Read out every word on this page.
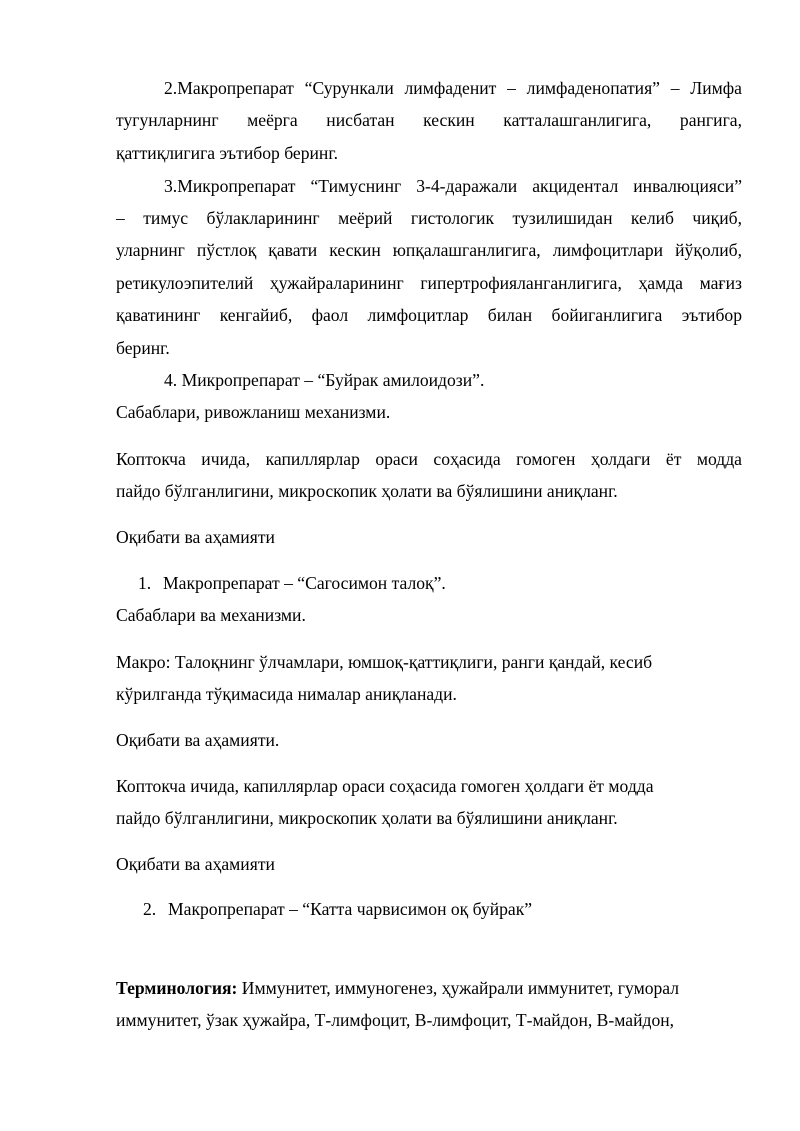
2.Макропрепарат “Сурункали лимфаденит – лимфаденопатия” – Лимфа
тугунларнинг меёрга нисбатан кескин катталашганлигига, рангига,
қаттиқлигига эътибор беринг.
3.Микропрепарат “Тимуснинг 3-4-даражали акцидентал инвалюцияси”
– тимус бўлакларининг меёрий гистологик тузилишидан келиб чиқиб,
уларнинг пўстлоқ қавати кескин юпқалашганлигига, лимфоцитлари йўқолиб,
ретикулоэпителий ҳужайраларининг гипертрофияланганлигига, ҳамда мағиз
қаватининг кенгайиб, фаол лимфоцитлар билан бойиганлигига эътибор
беринг.
4. Микропрепарат – “Буйрак амилоидози”.
Сабаблари, ривожланиш механизми.
Коптокча ичида, капиллярлар ораси соҳасида гомоген ҳолдаги ёт модда
пайдо бўлганлигини, микроскопик ҳолати ва бўялишини аниқланг.
Оқибати ва аҳамияти
1. Макропрепарат – “Сагосимон талоқ”.
Сабаблари ва механизми.
Макро: Талоқнинг ўлчамлари, юмшоқ-қаттиқлиги, ранги қандай, кесиб
кўрилганда тўқимасида нималар аниқланади.
Оқибати ва аҳамияти.
Коптокча ичида, капиллярлар ораси соҳасида гомоген ҳолдаги ёт модда
пайдо бўлганлигини, микроскопик ҳолати ва бўялишини аниқланг.
Оқибати ва аҳамияти
2. Макропрепарат – “Катта чарвисимон оқ буйрак”
Терминология: Иммунитет, иммуногенез, ҳужайрали иммунитет, гуморал
иммунитет, ўзак ҳужайра, Т-лимфоцит, В-лимфоцит, Т-майдон, В-майдон,
